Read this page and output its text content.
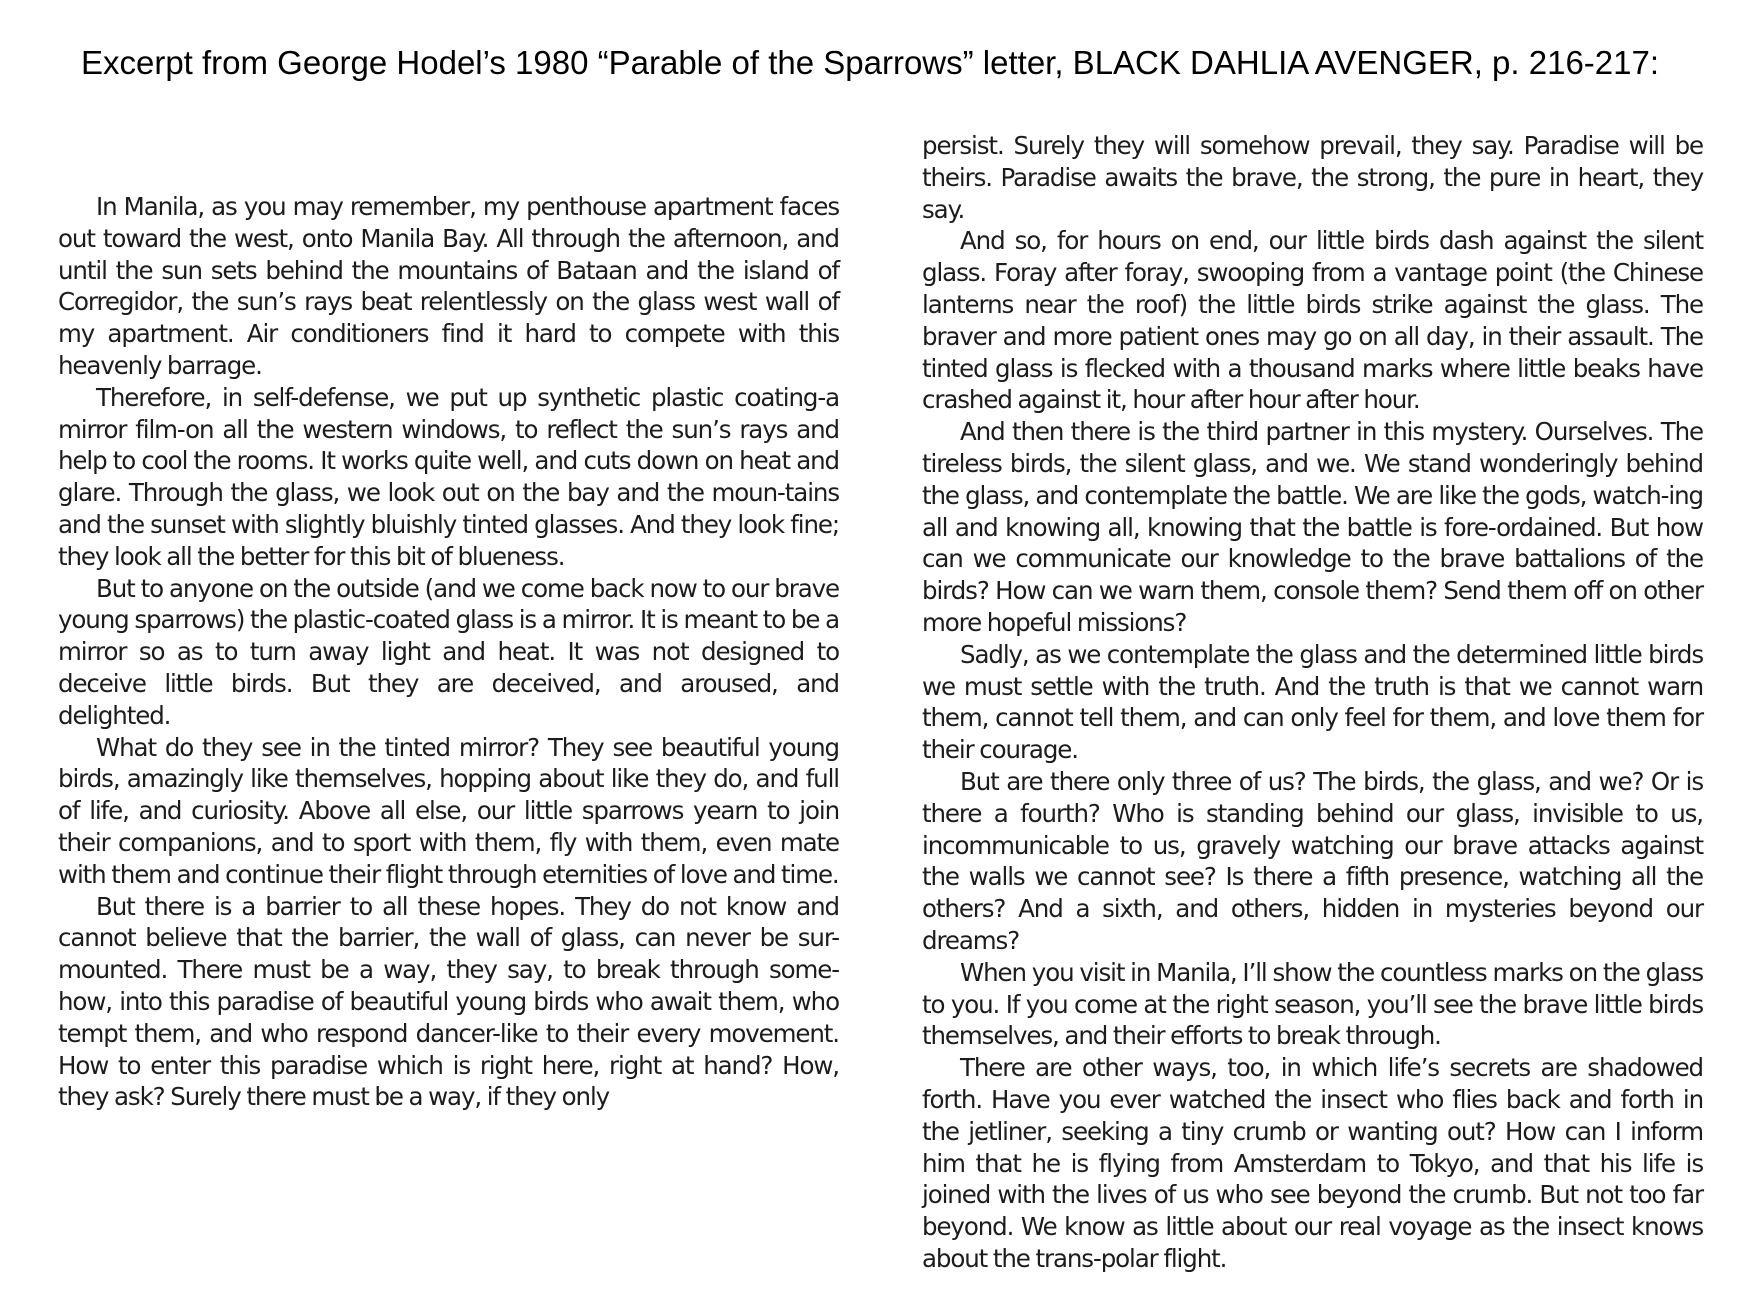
Excerpt from George Hodel’s 1980 “Parable of the Sparrows” letter, BLACK DAHLIA AVENGER, p. 216-217:

In Manila, as you may remember, my penthouse apartment faces out toward the west, onto Manila Bay. All through the afternoon, and until the sun sets behind the mountains of Bataan and the island of Corregidor, the sun’s rays beat relentlessly on the glass west wall of my apartment. Air conditioners find it hard to compete with this heavenly barrage.

Therefore, in self-defense, we put up synthetic plastic coating-a mirror film-on all the western windows, to reflect the sun’s rays and help to cool the rooms. It works quite well, and cuts down on heat and glare. Through the glass, we look out on the bay and the moun-tains and the sunset with slightly bluishly tinted glasses. And they look fine; they look all the better for this bit of blueness.

But to anyone on the outside (and we come back now to our brave young sparrows) the plastic-coated glass is a mirror. It is meant to be a mirror so as to turn away light and heat. It was not designed to deceive little birds. But they are deceived, and aroused, and delighted.

What do they see in the tinted mirror? They see beautiful young birds, amazingly like themselves, hopping about like they do, and full of life, and curiosity. Above all else, our little sparrows yearn to join their companions, and to sport with them, fly with them, even mate with them and continue their flight through eternities of love and time.

But there is a barrier to all these hopes. They do not know and cannot believe that the barrier, the wall of glass, can never be sur-mounted. There must be a way, they say, to break through some-how, into this paradise of beautiful young birds who await them, who tempt them, and who respond dancer-like to their every movement. How to enter this paradise which is right here, right at hand? How, they ask? Surely there must be a way, if they only

persist. Surely they will somehow prevail, they say. Paradise will be theirs. Paradise awaits the brave, the strong, the pure in heart, they say.

And so, for hours on end, our little birds dash against the silent glass. Foray after foray, swooping from a vantage point (the Chinese lanterns near the roof) the little birds strike against the glass. The braver and more patient ones may go on all day, in their assault. The tinted glass is flecked with a thousand marks where little beaks have crashed against it, hour after hour after hour.

And then there is the third partner in this mystery. Ourselves. The tireless birds, the silent glass, and we. We stand wonderingly behind the glass, and contemplate the battle. We are like the gods, watch-ing all and knowing all, knowing that the battle is fore-ordained. But how can we communicate our knowledge to the brave battalions of the birds? How can we warn them, console them? Send them off on other more hopeful missions?

Sadly, as we contemplate the glass and the determined little birds we must settle with the truth. And the truth is that we cannot warn them, cannot tell them, and can only feel for them, and love them for their courage.

But are there only three of us? The birds, the glass, and we? Or is there a fourth? Who is standing behind our glass, invisible to us, incommunicable to us, gravely watching our brave attacks against the walls we cannot see? Is there a fifth presence, watching all the others? And a sixth, and others, hidden in mysteries beyond our dreams?

When you visit in Manila, I’ll show the countless marks on the glass to you. If you come at the right season, you’ll see the brave little birds themselves, and their efforts to break through.

There are other ways, too, in which life’s secrets are shadowed forth. Have you ever watched the insect who flies back and forth in the jetliner, seeking a tiny crumb or wanting out? How can I inform him that he is flying from Amsterdam to Tokyo, and that his life is joined with the lives of us who see beyond the crumb. But not too far beyond. We know as little about our real voyage as the insect knows about the trans-polar flight.
